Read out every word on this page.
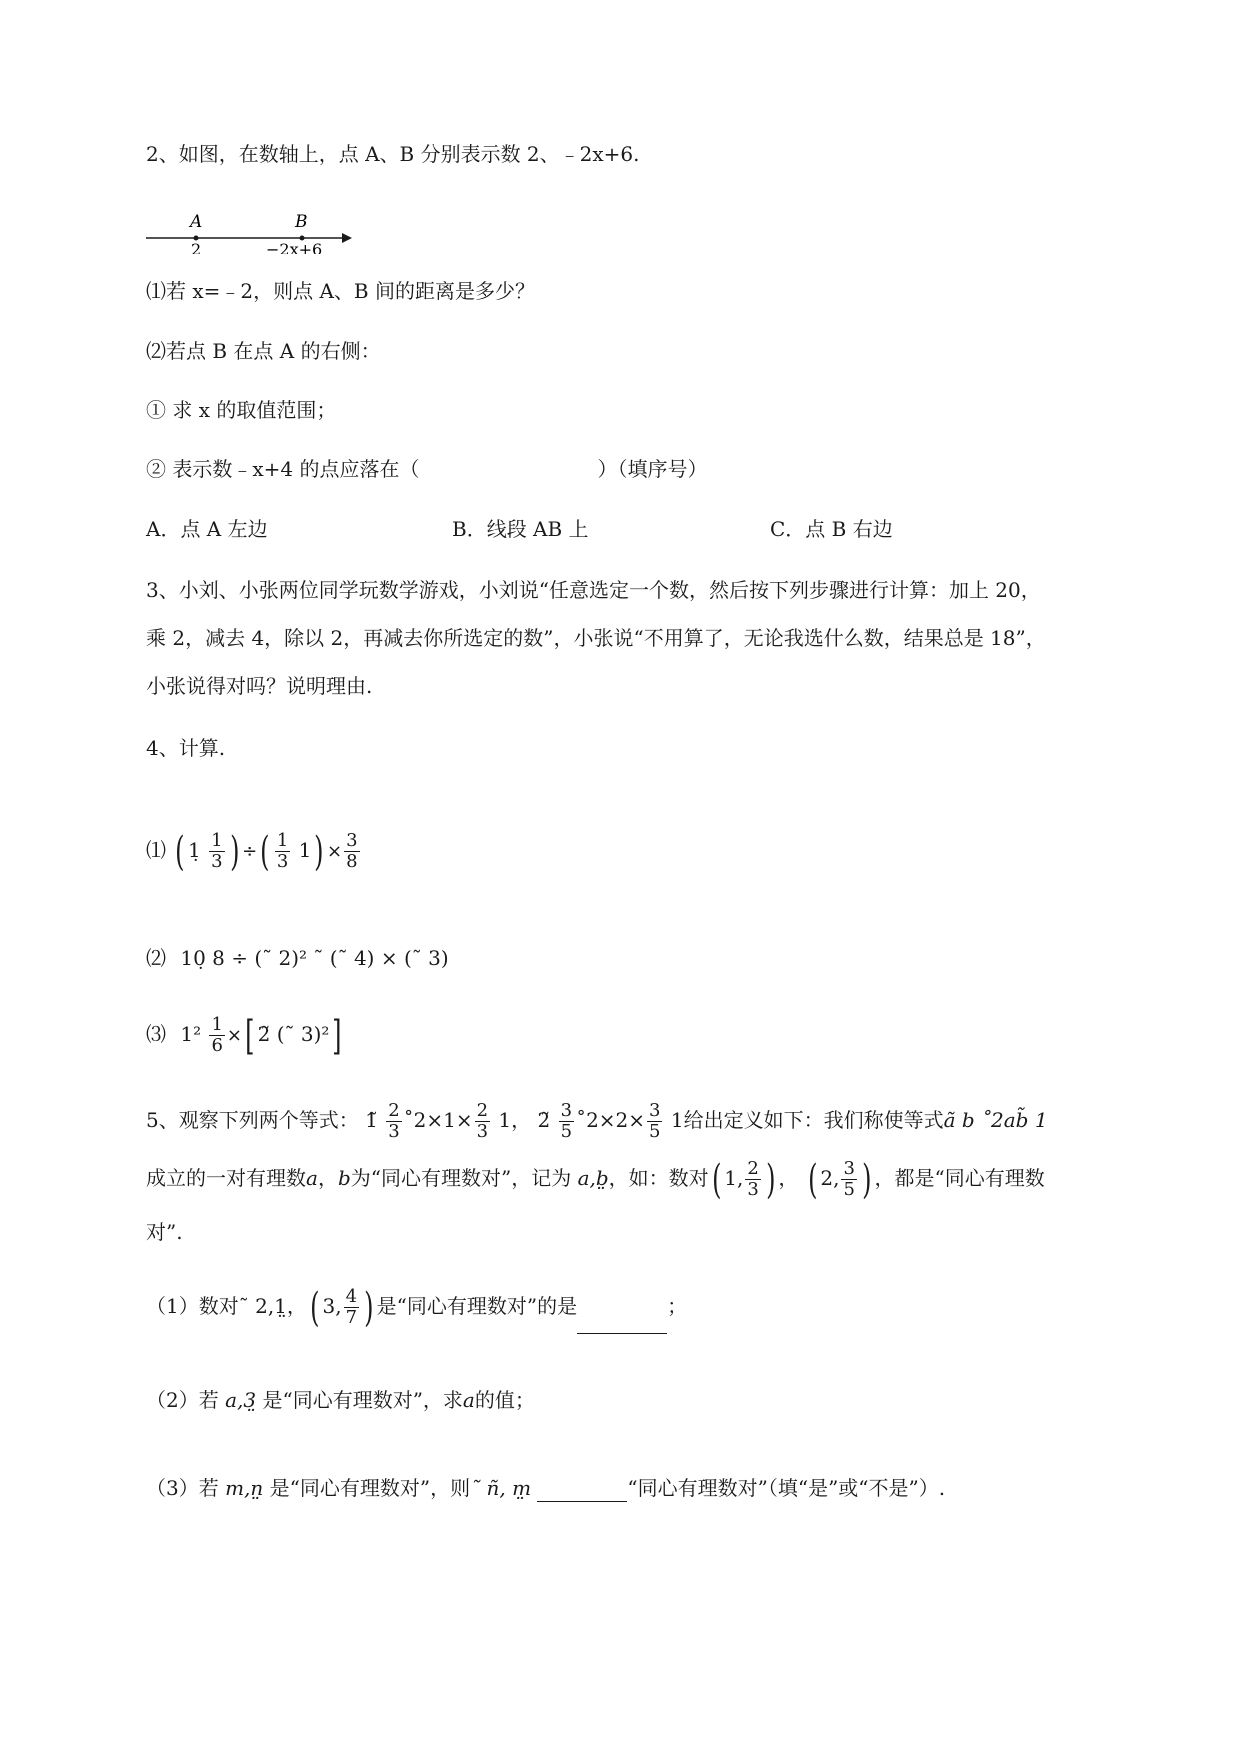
2、如图，在数轴上，点 A、B 分别表示数 2、﹣2x+6.
A	B
2	−2x+6
⑴若 x=﹣2，则点 A、B 间的距离是多少？
⑵若点 B 在点 A 的右侧：
① 求 x 的取值范围；
② 表示数﹣x+4 的点应落在（	）（填序号）
A．点 A 左边	B．线段 AB 上	C．点 B 右边
3、小刘、小张两位同学玩数学游戏，小刘说“任意选定一个数，然后按下列步骤进行计算：加上 20，
乘 2，减去 4，除以 2，再减去你所选定的数”，小张说“不用算了，无论我选什么数，结果总是 18”，
小张说得对吗？说明理由.
4、计算.
⑴ ( 1̣ $\frac{1}{3}$ ) ÷( $\frac{1}{3} 1) \times \frac{3}{8}$
⑵ 10̣ 8 ÷ (˜ 2)² ˜ (˜ 4) × (˜ 3)
⑶ $1^2 \frac{1}{6}$ ×[ 2̃ (˜ 3)²]
5、观察下列两个等式： 1̃ $\frac{2}{3}$ ˚2×1× $\frac{2}{3} 1$， 2̃ $\frac{3}{5}$ ˚2×2× $\frac{3}{5} 1$给出定义如下：我们称使等式ã b ˚2ab̃ 1
成立的一对有理数a，b为“同心有理数对”，记为 a,b̤，如：数对( 1, $\frac{2}{3}$ ) ， ( 2, $\frac{3}{5}$ ) ，都是“同心有理数
对”.
（1）数对˜ 2,1̤，( 3, $\frac{4}{7}$ ) 是“同心有理数对”的是	；
（2）若 a,3̤ 是“同心有理数对”，求a的值；
（3）若 m,n̤ 是“同心有理数对”，则˜ ñ, m̤	“同心有理数对”（填“是”或“不是”）.
